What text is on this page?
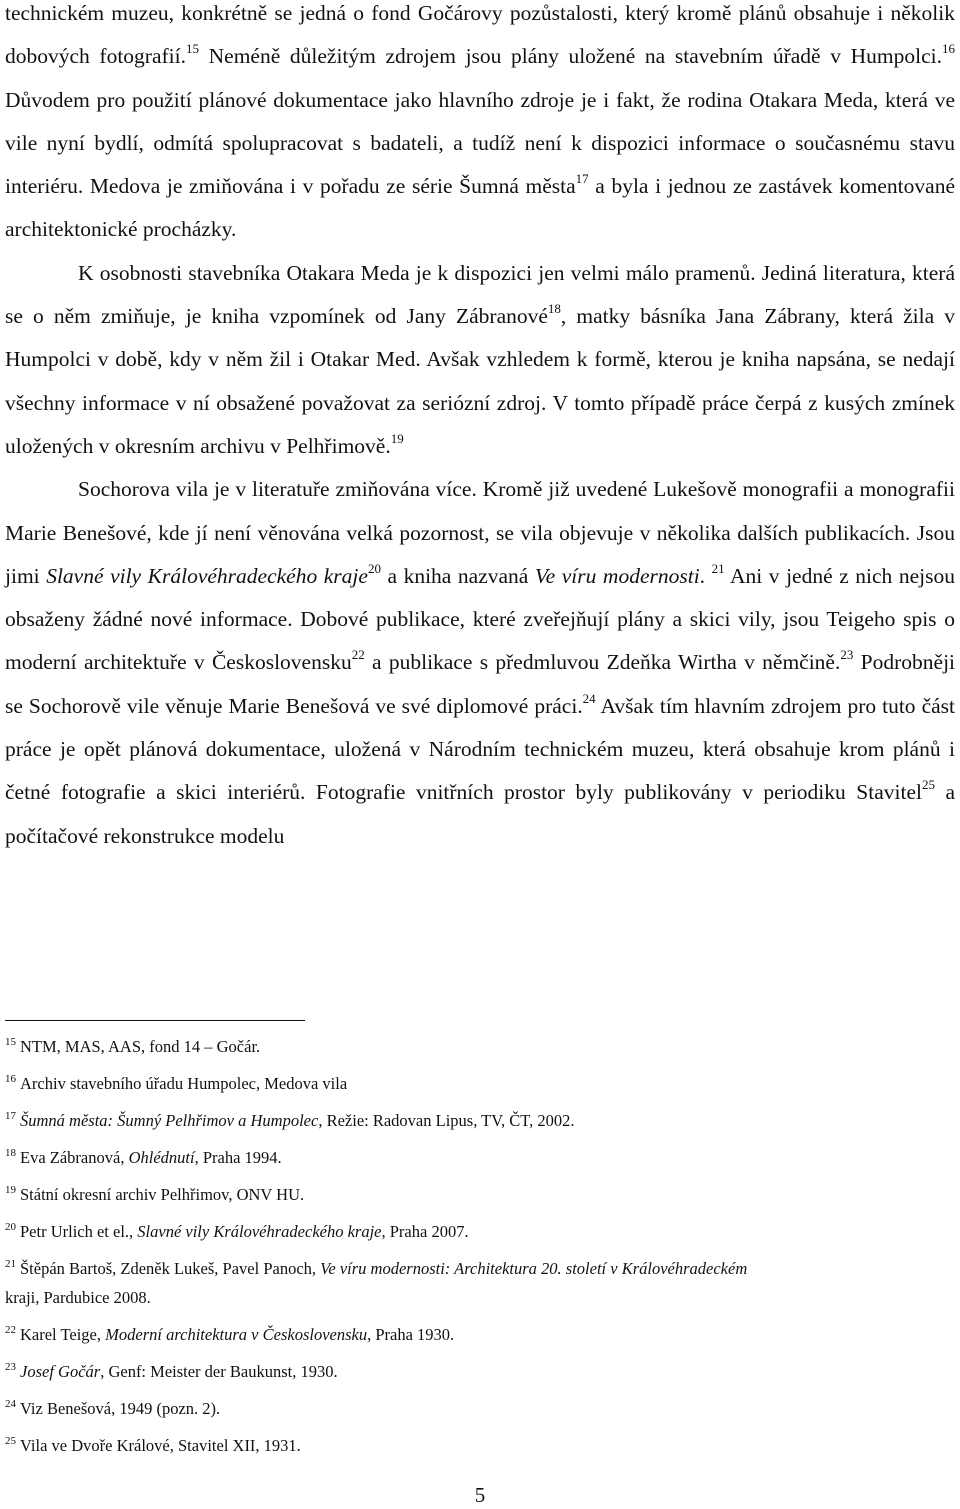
technickém muzeu, konkrétně se jedná o fond Gočárovy pozůstalosti, který kromě plánů obsahuje i několik dobových fotografií.$^{15}$ Neméně důležitým zdrojem jsou plány uložené na stavebním úřadě v Humpolci.$^{16}$ Důvodem pro použití plánové dokumentace jako hlavního zdroje je i fakt, že rodina Otakara Meda, která ve vile nyní bydlí, odmítá spolupracovat s badateli, a tudíž není k dispozici informace o současnému stavu interiéru. Medova je zmiňována i v pořadu ze série Šumná města$^{17}$ a byla i jednou ze zastávek komentované architektonické procházky.

K osobnosti stavebníka Otakara Meda je k dispozici jen velmi málo pramenů. Jediná literatura, která se o něm zmiňuje, je kniha vzpomínek od Jany Zábranové$^{18}$, matky básníka Jana Zábrany, která žila v Humpolci v době, kdy v něm žil i Otakar Med. Avšak vzhledem k formě, kterou je kniha napsána, se nedají všechny informace v ní obsažené považovat za seriózní zdroj. V tomto případě práce čerpá z kusých zmínek uložených v okresním archivu v Pelhřimově.$^{19}$

Sochorova vila je v literatuře zmiňována více. Kromě již uvedené Lukešově monografii a monografii Marie Benešové, kde jí není věnována velká pozornost, se vila objevuje v několika dalších publikacích. Jsou jimi Slavné vily Královéhradeckého kraje$^{20}$ a kniha nazvaná Ve víru modernosti. $^{21}$ Ani v jedné z nich nejsou obsaženy žádné nové informace. Dobové publikace, které zveřejňují plány a skici vily, jsou Teigeho spis o moderní architektuře v Československu$^{22}$ a publikace s předmluvou Zdeňka Wirtha v němčině.$^{23}$ Podrobněji se Sochorově vile věnuje Marie Benešová ve své diplomové práci.$^{24}$ Avšak tím hlavním zdrojem pro tuto část práce je opět plánová dokumentace, uložená v Národním technickém muzeu, která obsahuje krom plánů i četné fotografie a skici interiérů. Fotografie vnitřních prostor byly publikovány v periodiku Stavitel$^{25}$ a počítačové rekonstrukce modelu

$^{15}$ NTM, MAS, AAS, fond 14 – Gočár.

$^{16}$ Archiv stavebního úřadu Humpolec, Medova vila

$^{17}$ Šumná města: Šumný Pelhřimov a Humpolec, Režie: Radovan Lipus, TV, ČT, 2002.

$^{18}$ Eva Zábranová, Ohlédnutí, Praha 1994.

$^{19}$ Státní okresní archiv Pelhřimov, ONV HU.

$^{20}$ Petr Urlich et el., Slavné vily Královéhradeckého kraje, Praha 2007.

$^{21}$ Štěpán Bartoš, Zdeněk Lukeš, Pavel Panoch, Ve víru modernosti: Architektura 20. století v Královéhradeckém

kraji, Pardubice 2008.

$^{22}$ Karel Teige, Moderní architektura v Československu, Praha 1930.

$^{23}$ Josef Gočár, Genf: Meister der Baukunst, 1930.

$^{24}$ Viz Benešová, 1949 (pozn. 2).

$^{25}$ Vila ve Dvoře Králové, Stavitel XII, 1931.

5
